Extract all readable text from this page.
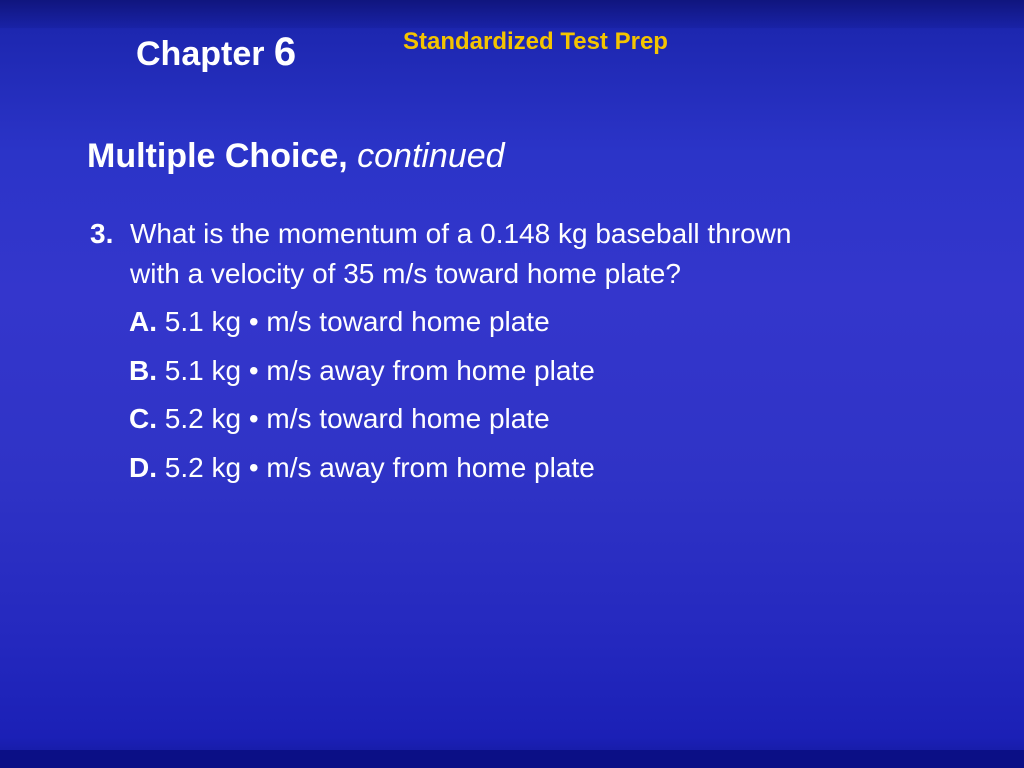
Chapter 6	Standardized Test Prep
Multiple Choice, continued
3. What is the momentum of a 0.148 kg baseball thrown
with a velocity of 35 m/s toward home plate?
A. 5.1 kg • m/s toward home plate
B. 5.1 kg • m/s away from home plate
C. 5.2 kg • m/s toward home plate
D. 5.2 kg • m/s away from home plate
